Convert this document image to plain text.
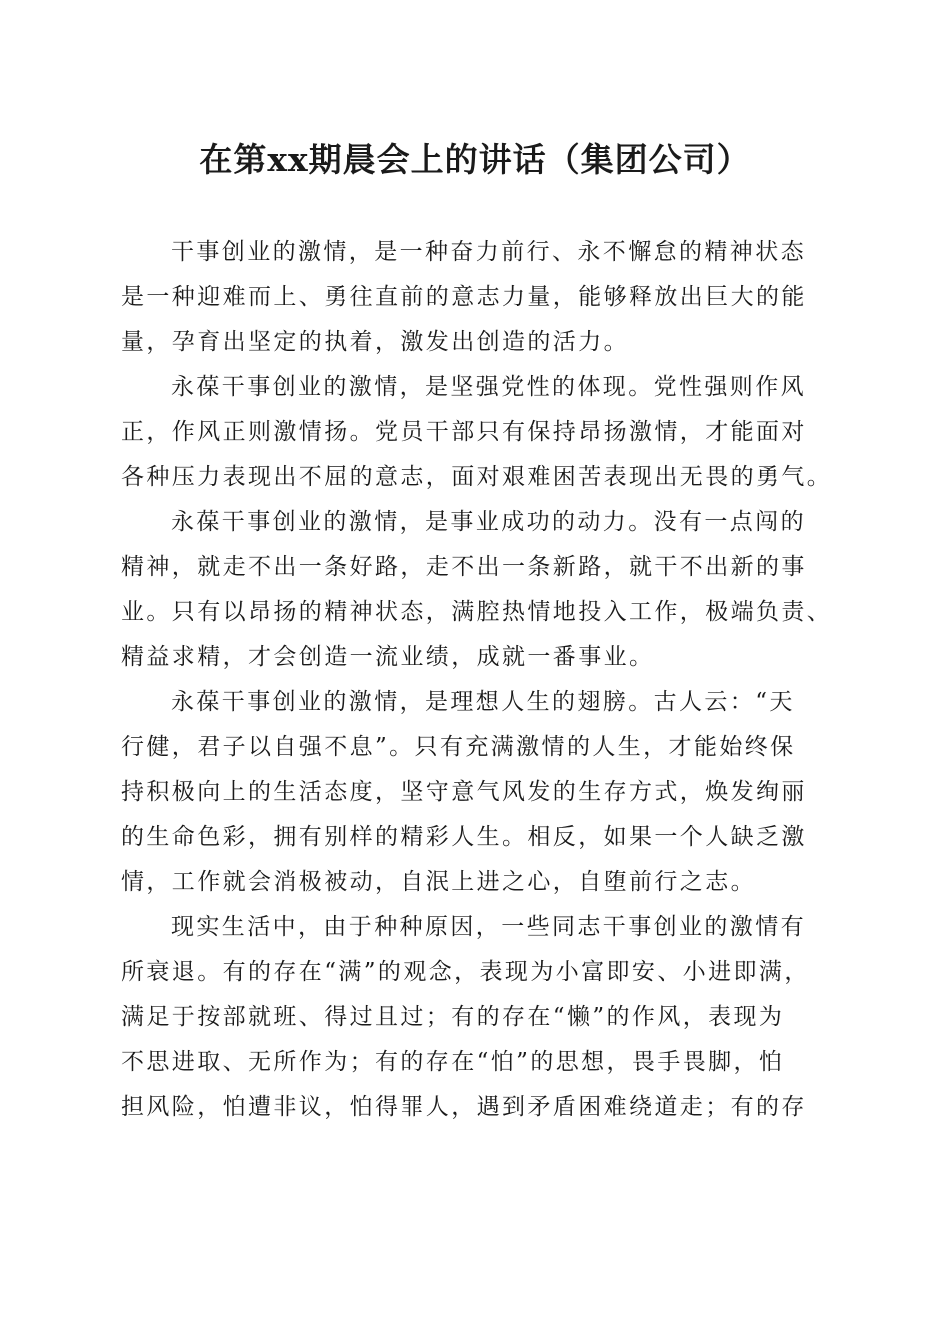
在第xx期晨会上的讲话（集团公司）
干事创业的激情，是一种奋力前行、永不懈怠的精神状态
是一种迎难而上、勇往直前的意志力量，能够释放出巨大的能
量，孕育出坚定的执着，激发出创造的活力。
永葆干事创业的激情，是坚强党性的体现。党性强则作风
正，作风正则激情扬。党员干部只有保持昂扬激情，才能面对
各种压力表现出不屈的意志，面对艰难困苦表现出无畏的勇气。
永葆干事创业的激情，是事业成功的动力。没有一点闯的
精神，就走不出一条好路，走不出一条新路，就干不出新的事
业。只有以昂扬的精神状态，满腔热情地投入工作，极端负责、
精益求精，才会创造一流业绩，成就一番事业。
永葆干事创业的激情，是理想人生的翅膀。古人云：“天
行健，君子以自强不息”。只有充满激情的人生，才能始终保
持积极向上的生活态度，坚守意气风发的生存方式，焕发绚丽
的生命色彩，拥有别样的精彩人生。相反，如果一个人缺乏激
情，工作就会消极被动，自泯上进之心，自堕前行之志。
现实生活中，由于种种原因，一些同志干事创业的激情有
所衰退。有的存在“满”的观念，表现为小富即安、小进即满，
满足于按部就班、得过且过；有的存在“懒”的作风，表现为
不思进取、无所作为；有的存在“怕”的思想，畏手畏脚，怕
担风险，怕遭非议，怕得罪人，遇到矛盾困难绕道走；有的存
